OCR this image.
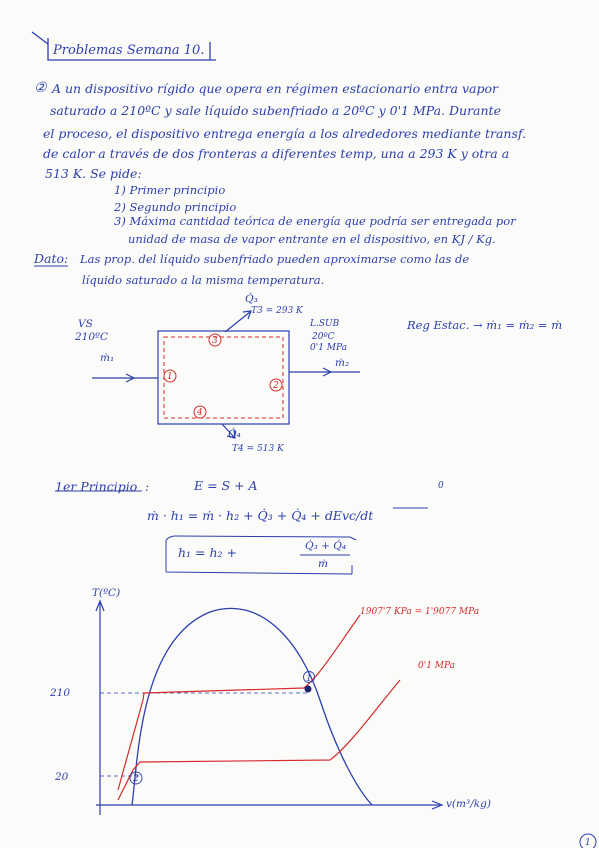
Problemas Semana 10.
② A un dispositivo rígido que opera en régimen estacionario entra vapor
saturado a 210ºC y sale líquido subenfriado a 20ºC y 0'1 MPa. Durante
el proceso, el dispositivo entrega energía a los alrededores mediante transf.
de calor a través de dos fronteras a diferentes temp, una a 293 K y otra a
513 K. Se pide:
1) Primer principio
2) Segundo principio
3) Máxima cantidad teórica de energía que podría ser entregada por
unidad de masa de vapor entrante en el dispositivo, en KJ / Kg.
Dato: Las prop. del líquido subenfriado pueden aproximarse como las de
líquido saturado a la misma temperatura.
Q̇₃
T3 = 293 K
VS
210ºC
ṁ₁
L.SUB
20ºC
0'1 MPa
ṁ₂
3
1
2
4
Q̇₄
T4 = 513 K
Reg Estac. → ṁ₁ = ṁ₂ = ṁ
1er Principio :	E = S + A
ṁ · h₁ = ṁ · h₂ + Q̇₃ + Q̇₄ + dEvc/dt
0
h₁ = h₂ +	Q̇₃ + Q̇₄
ṁ
T(ºC)
v(m³/kg)
210
20
1907'7 KPa = 1'9077 MPa
0'1 MPa
1
2
1
